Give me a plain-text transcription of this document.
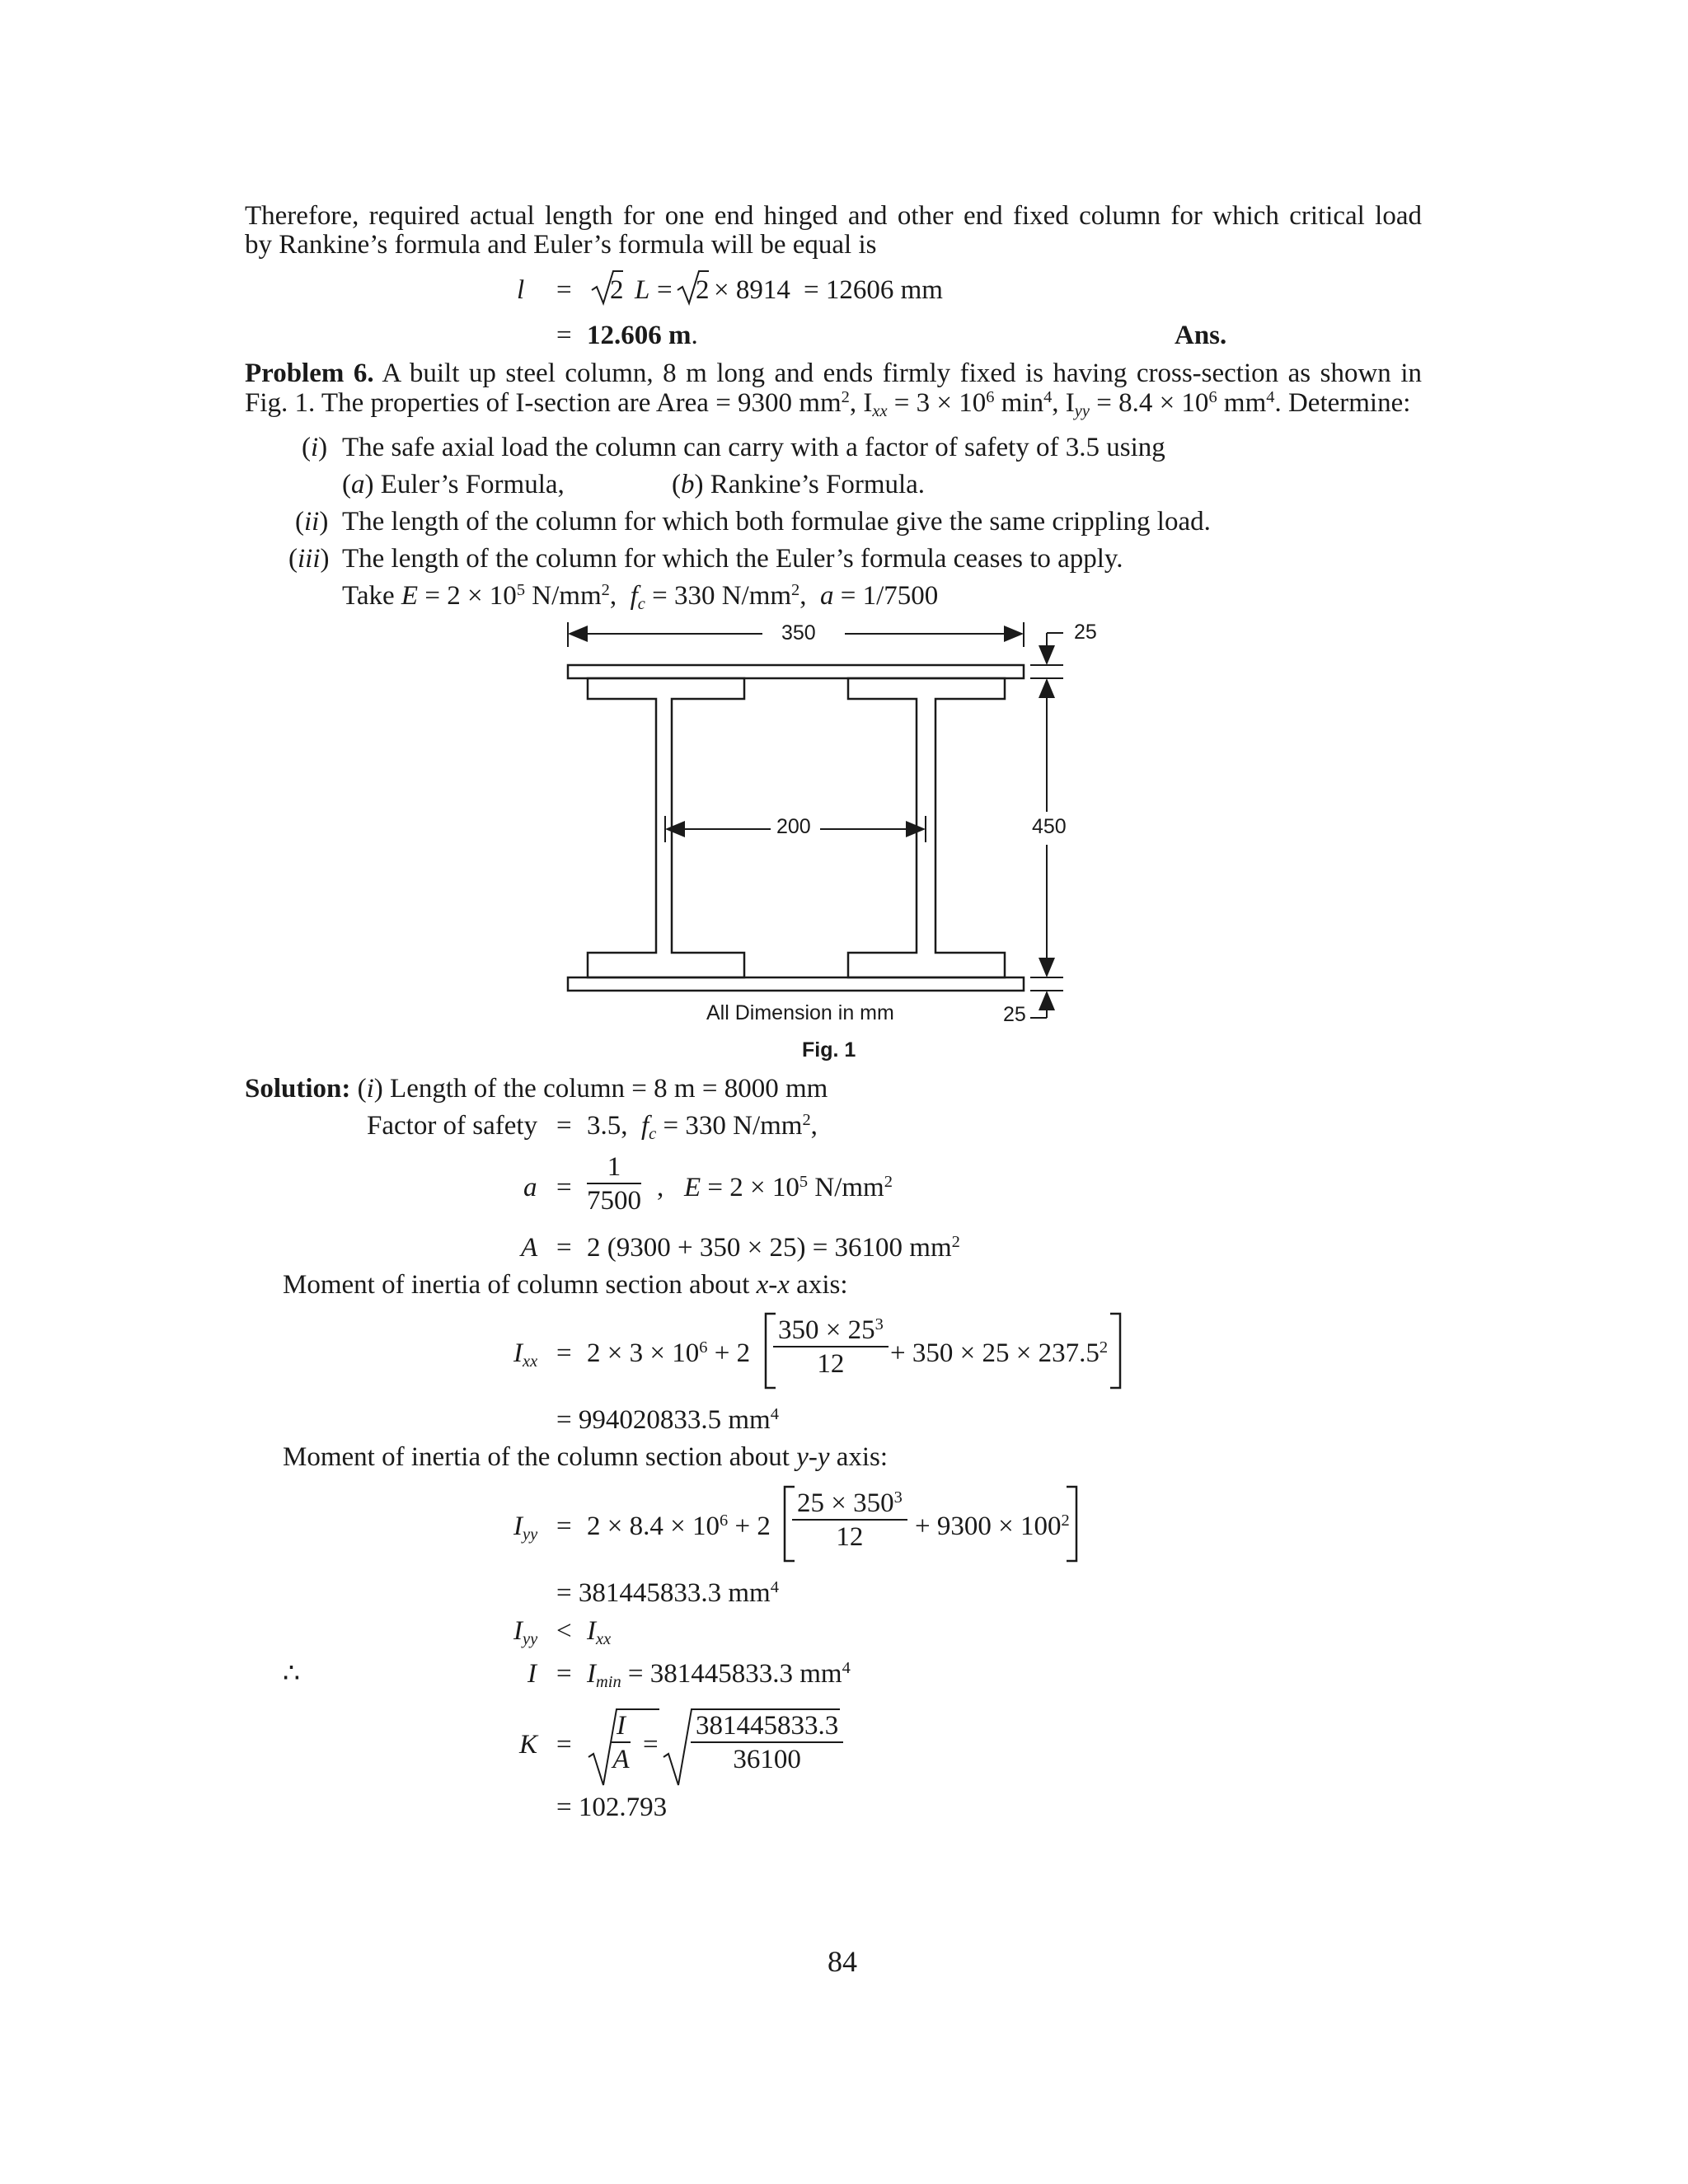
Therefore, required actual length for one end hinged and other end fixed column for which critical load
by Rankine’s formula and Euler’s formula will be equal is
l = 2 L = 2 × 8914 = 12606 mm
= 12.606 m.	Ans.
Problem 6. A built up steel column, 8 m long and ends firmly fixed is having cross-section as shown in
Fig. 1. The properties of I-section are Area = 9300 $mm^2$, $I_{xx} = 3 \times 10^6$ $\min^4$, $I_{yy} = 8.4 \times 10^6$ $mm^4$. Determine:
(i) The safe axial load the column can carry with a factor of safety of 3.5 using
(a) Euler’s Formula,	(b) Rankine’s Formula.
(ii) The length of the column for which both formulae give the same crippling load.
(iii) The length of the column for which the Euler’s formula ceases to apply.
Take $E = 2 \times 10^5$ $N/mm^2$,  $f_c = 330$ $N/mm^2$,  a = 1/7500
350	25
450
200
25
All Dimension in mm
Fig. 1
Solution: (i) Length of the column = 8 m = 8000 mm
Factor of safety = 3.5, $f_c = 330$ $N/mm^2$,
$a = \frac{1}{7500}$ ,   $E = 2 \times 10^5$ $N/mm^2$
A = 2 (9300 + 350 × 25) = 36100 $mm^2$
Moment of inertia of column section about x-x axis:
$I_{xx} = 2 \times 3 \times 10^6 + 2 \frac{350 \times 25^3}{12} + 350 \times 25 \times 237.5^2$
= 994020833.5 $mm^4$
Moment of inertia of the column section about y-y axis:
$I_{yy} = 2 \times 8.4 \times 10^6 + 2 \frac{25 \times 350^3}{12} + 9300 \times 100^2$
= 381445833.3 $mm^4$
$I_{yy} < I_{xx}$
∴	$I = I_{min} = 381445833.3$ $mm^4$
$K = \frac{I}{A} = \frac{381445833.3}{36100}$
= 102.793
84
